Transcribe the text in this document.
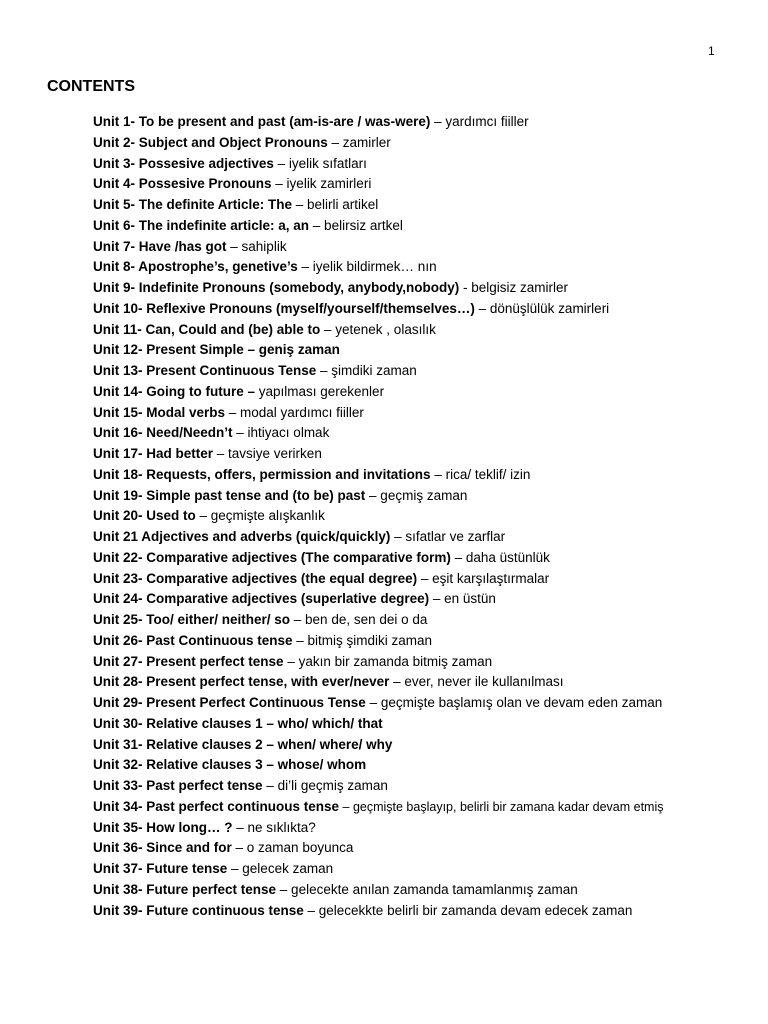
1
CONTENTS
Unit 1- To be present and past (am-is-are / was-were) – yardımcı fiiller
Unit 2- Subject and Object Pronouns – zamirler
Unit 3- Possesive adjectives – iyelik sıfatları
Unit 4- Possesive Pronouns – iyelik zamirleri
Unit 5- The definite Article: The – belirli artikel
Unit 6- The indefinite article: a, an – belirsiz artkel
Unit 7- Have /has got – sahiplik
Unit 8- Apostrophe’s, genetive’s – iyelik bildirmek… nın
Unit 9- Indefinite Pronouns (somebody, anybody,nobody) - belgisiz zamirler
Unit 10- Reflexive Pronouns (myself/yourself/themselves…) – dönüşlülük zamirleri
Unit 11- Can, Could and (be) able to – yetenek , olasılık
Unit 12- Present Simple – geniş zaman
Unit 13- Present Continuous Tense – şimdiki zaman
Unit 14- Going to future – yapılması gerekenler
Unit 15- Modal verbs – modal yardımcı fiiller
Unit 16- Need/Needn’t – ihtiyacı olmak
Unit 17- Had better – tavsiye verirken
Unit 18- Requests, offers, permission and invitations – rica/ teklif/ izin
Unit 19- Simple past tense and (to be) past – geçmiş zaman
Unit 20- Used to – geçmişte alışkanlık
Unit 21 Adjectives and adverbs (quick/quickly) – sıfatlar ve zarflar
Unit 22- Comparative adjectives (The comparative form) – daha üstünlük
Unit 23- Comparative adjectives (the equal degree) – eşit karşılaştırmalar
Unit 24- Comparative adjectives (superlative degree) – en üstün
Unit 25- Too/ either/ neither/ so – ben de, sen dei o da
Unit 26- Past Continuous tense – bitmiş şimdiki zaman
Unit 27- Present perfect tense – yakın bir zamanda bitmiş zaman
Unit 28- Present perfect tense, with ever/never – ever, never ile kullanılması
Unit 29- Present Perfect Continuous Tense – geçmişte başlamış olan ve devam eden zaman
Unit 30- Relative clauses 1 – who/ which/ that
Unit 31- Relative clauses 2 – when/ where/ why
Unit 32- Relative clauses 3 – whose/ whom
Unit 33- Past perfect tense – di’li geçmiş zaman
Unit 34- Past perfect continuous tense – geçmişte başlayıp, belirli bir zamana kadar devam etmiş
Unit 35- How long… ? – ne sıklıkta?
Unit 36- Since and for – o zaman boyunca
Unit 37- Future tense – gelecek zaman
Unit 38- Future perfect tense – gelecekte anılan zamanda tamamlanmış zaman
Unit 39- Future continuous tense – gelecekkte belirli bir zamanda devam edecek zaman
